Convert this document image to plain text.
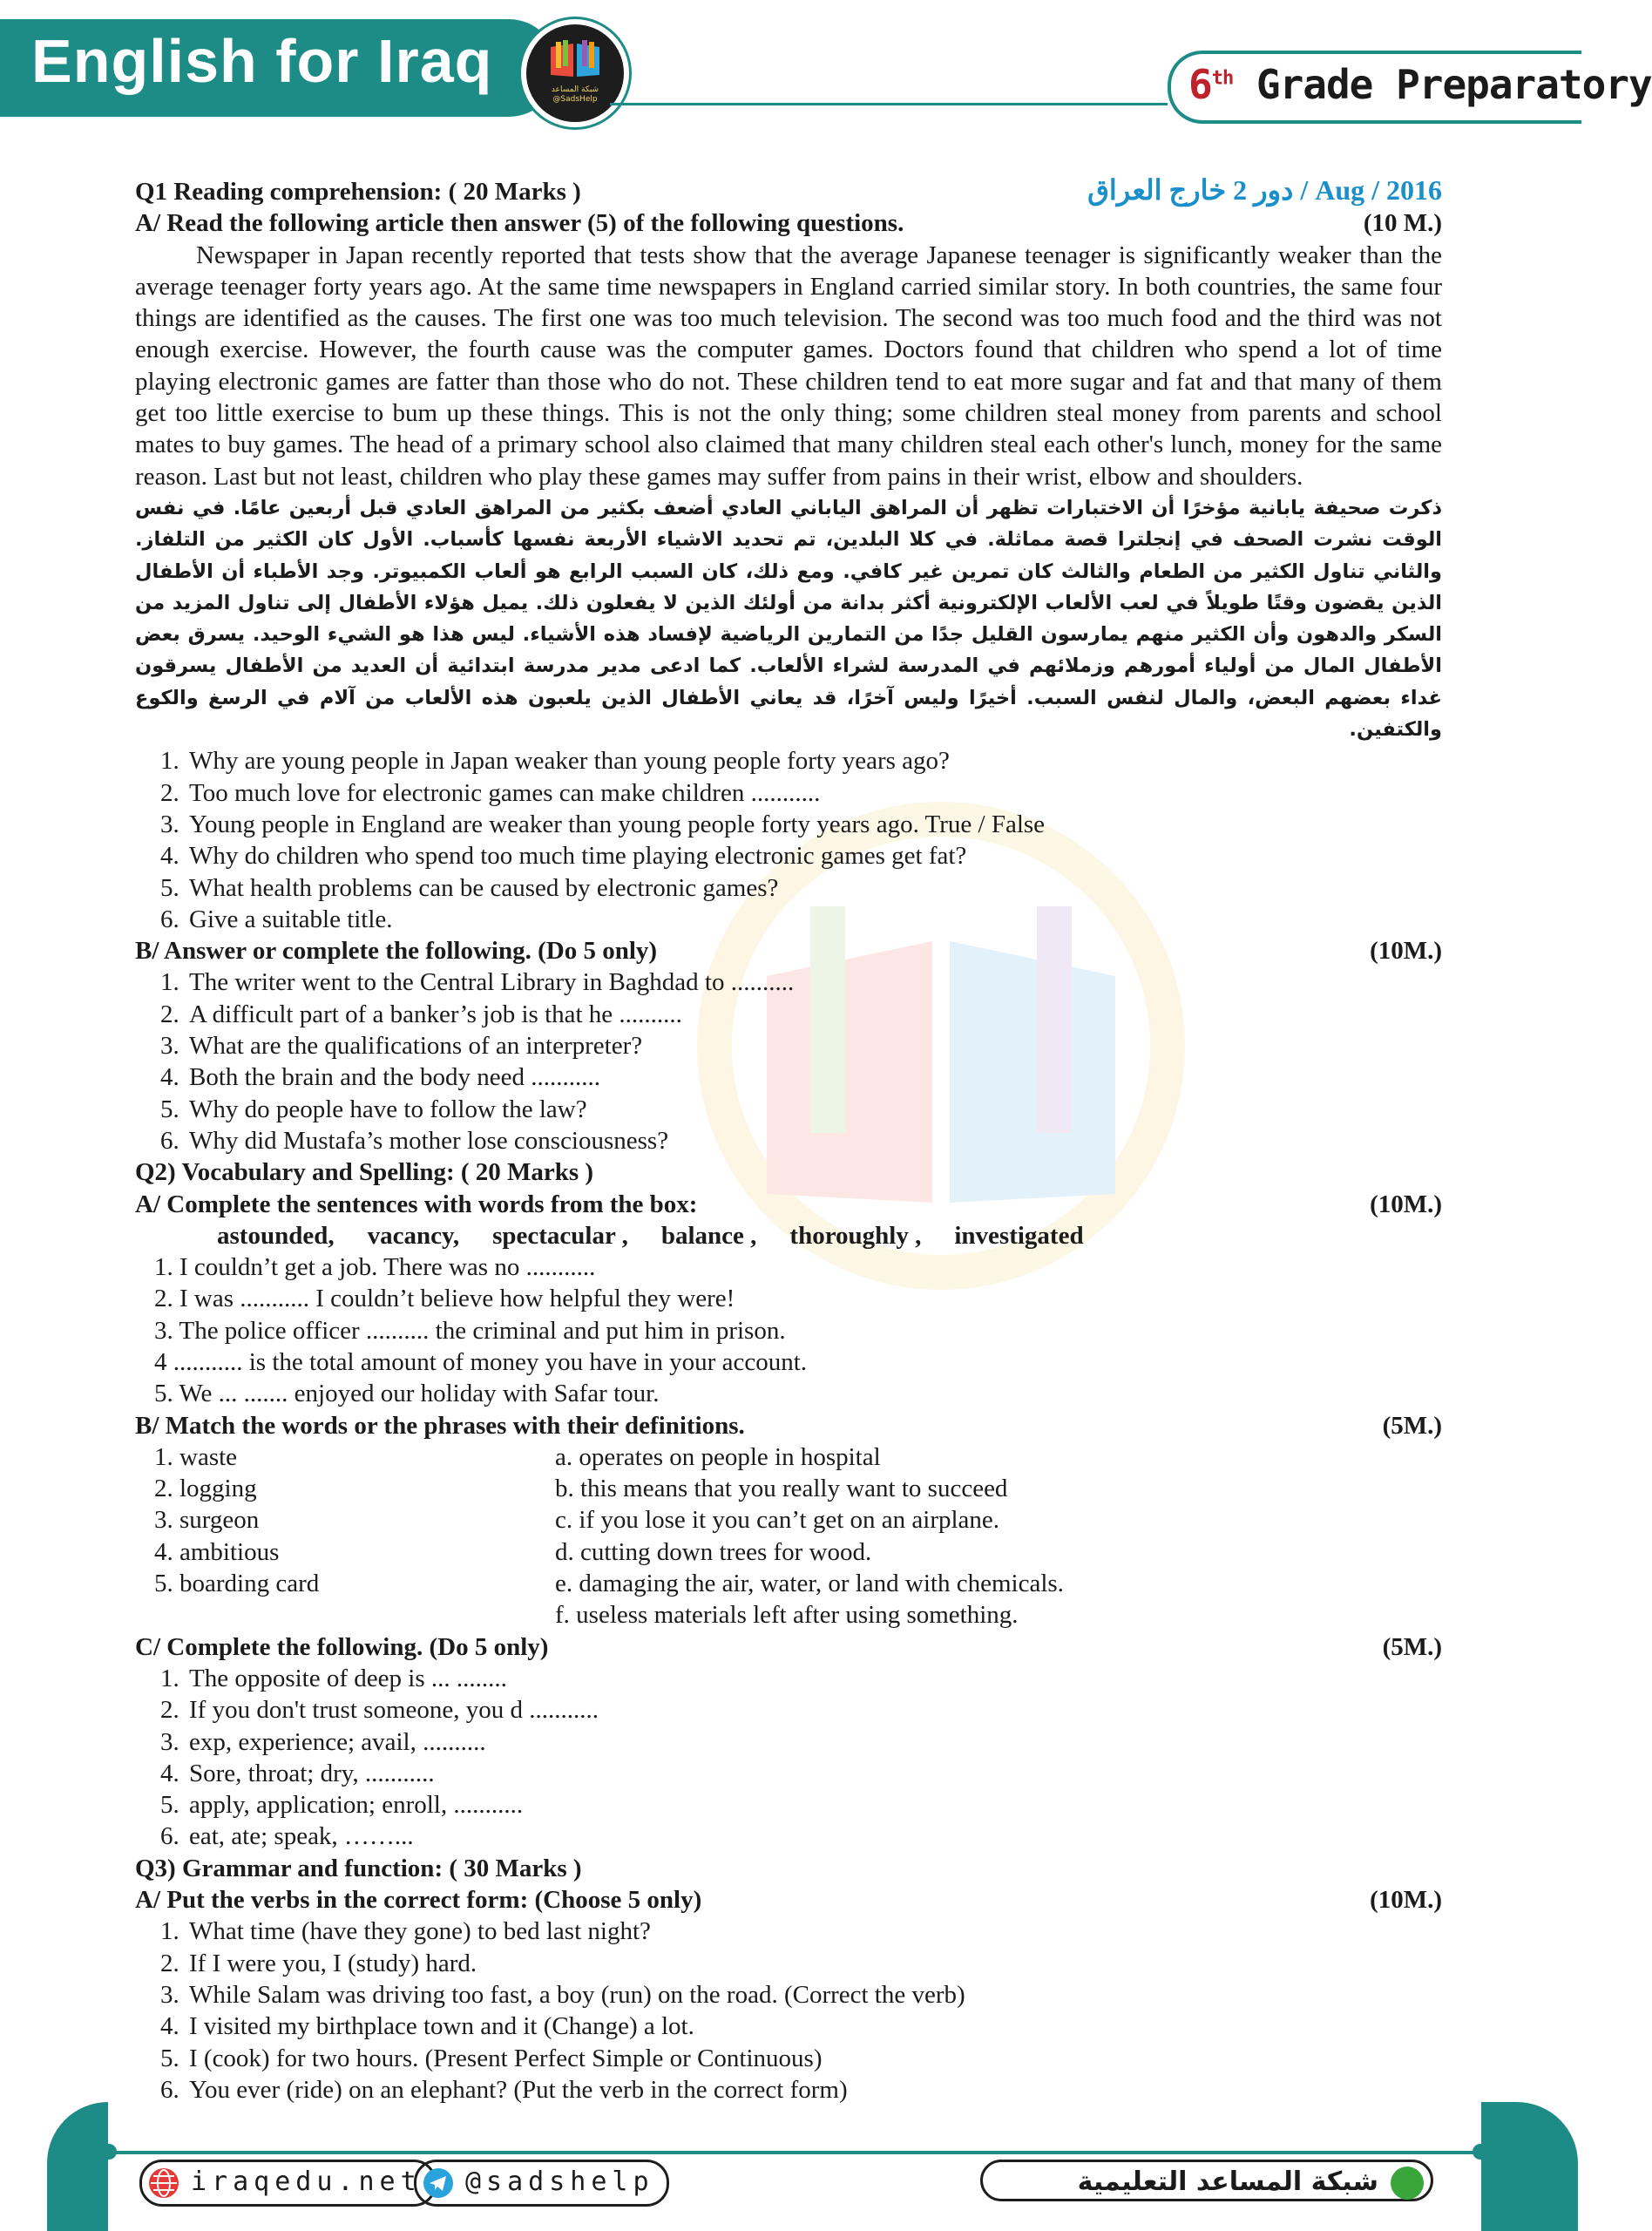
English for Iraq	شبكة المساعد
@SadsHelp	6th Grade Preparatory
Q1 Reading comprehension: ( 20 Marks )	دور 2 خارج العراق / Aug / 2016
A/ Read the following article then answer (5) of the following questions.	(10 M.)

Newspaper in Japan recently reported that tests show that the average Japanese teenager is significantly weaker than the average teenager forty years ago. At the same time newspapers in England carried similar story. In both countries, the same four things are identified as the causes. The first one was too much television. The second was too much food and the third was not enough exercise. However, the fourth cause was the computer games. Doctors found that children who spend a lot of time playing electronic games are fatter than those who do not. These children tend to eat more sugar and fat and that many of them get too little exercise to bum up these things. This is not the only thing; some children steal money from parents and school mates to buy games. The head of a primary school also claimed that many children steal each other's lunch, money for the same reason. Last but not least, children who play these games may suffer from pains in their wrist, elbow and shoulders.

ذكرت صحيفة يابانية مؤخرًا أن الاختبارات تظهر أن المراهق الياباني العادي أضعف بكثير من المراهق العادي قبل أربعين عامًا. في نفس الوقت نشرت الصحف في إنجلترا قصة مماثلة. في كلا البلدين، تم تحديد الاشياء الأربعة نفسها كأسباب. الأول كان الكثير من التلفاز. والثاني تناول الكثير من الطعام والثالث كان تمرين غير كافي. ومع ذلك، كان السبب الرابع هو ألعاب الكمبيوتر. وجد الأطباء أن الأطفال الذين يقضون وقتًا طويلاً في لعب الألعاب الإلكترونية أكثر بدانة من أولئك الذين لا يفعلون ذلك. يميل هؤلاء الأطفال إلى تناول المزيد من السكر والدهون وأن الكثير منهم يمارسون القليل جدًا من التمارين الرياضية لإفساد هذه الأشياء. ليس هذا هو الشيء الوحيد. يسرق بعض الأطفال المال من أولياء أمورهم وزملائهم في المدرسة لشراء الألعاب. كما ادعى مدير مدرسة ابتدائية أن العديد من الأطفال يسرقون غداء بعضهم البعض، والمال لنفس السبب. أخيرًا وليس آخرًا، قد يعاني الأطفال الذين يلعبون هذه الألعاب من آلام في الرسغ والكوع والكتفين.

1. Why are young people in Japan weaker than young people forty years ago?
2. Too much love for electronic games can make children ...........
3. Young people in England are weaker than young people forty years ago. True / False
4. Why do children who spend too much time playing electronic games get fat?
5. What health problems can be caused by electronic games?
6. Give a suitable title.
B/ Answer or complete the following. (Do 5 only)	(10M.)
1. The writer went to the Central Library in Baghdad to ..........
2. A difficult part of a banker’s job is that he ..........
3. What are the qualifications of an interpreter?
4. Both the brain and the body need ...........
5. Why do people have to follow the law?
6. Why did Mustafa’s mother lose consciousness?
Q2) Vocabulary and Spelling: ( 20 Marks )
A/ Complete the sentences with words from the box:	(10M.)
astounded, vacancy, spectacular , balance , thoroughly , investigated
1. I couldn’t get a job. There was no ...........
2. I was ........... I couldn’t believe how helpful they were!
3. The police officer .......... the criminal and put him in prison.
4 ........... is the total amount of money you have in your account.
5. We ... ....... enjoyed our holiday with Safar tour.
B/ Match the words or the phrases with their definitions.	(5M.)
1. waste	a. operates on people in hospital
2. logging	b. this means that you really want to succeed
3. surgeon	c. if you lose it you can’t get on an airplane.
4. ambitious	d. cutting down trees for wood.
5. boarding card	e. damaging the air, water, or land with chemicals.
f. useless materials left after using something.
C/ Complete the following. (Do 5 only)	(5M.)
1. The opposite of deep is ... ........
2. If you don't trust someone, you d ...........
3. exp, experience; avail, ..........
4. Sore, throat; dry, ...........
5. apply, application; enroll, ...........
6. eat, ate; speak, ……...
Q3) Grammar and function: ( 30 Marks )
A/ Put the verbs in the correct form: (Choose 5 only)	(10M.)
1. What time (have they gone) to bed last night?
2. If I were you, I (study) hard.
3. While Salam was driving too fast, a boy (run) on the road. (Correct the verb)
4. I visited my birthplace town and it (Change) a lot.
5. I (cook) for two hours. (Present Perfect Simple or Continuous)
6. You ever (ride) on an elephant? (Put the verb in the correct form)
iraqedu.net	@sadshelp	شبكة المساعد التعليمية
